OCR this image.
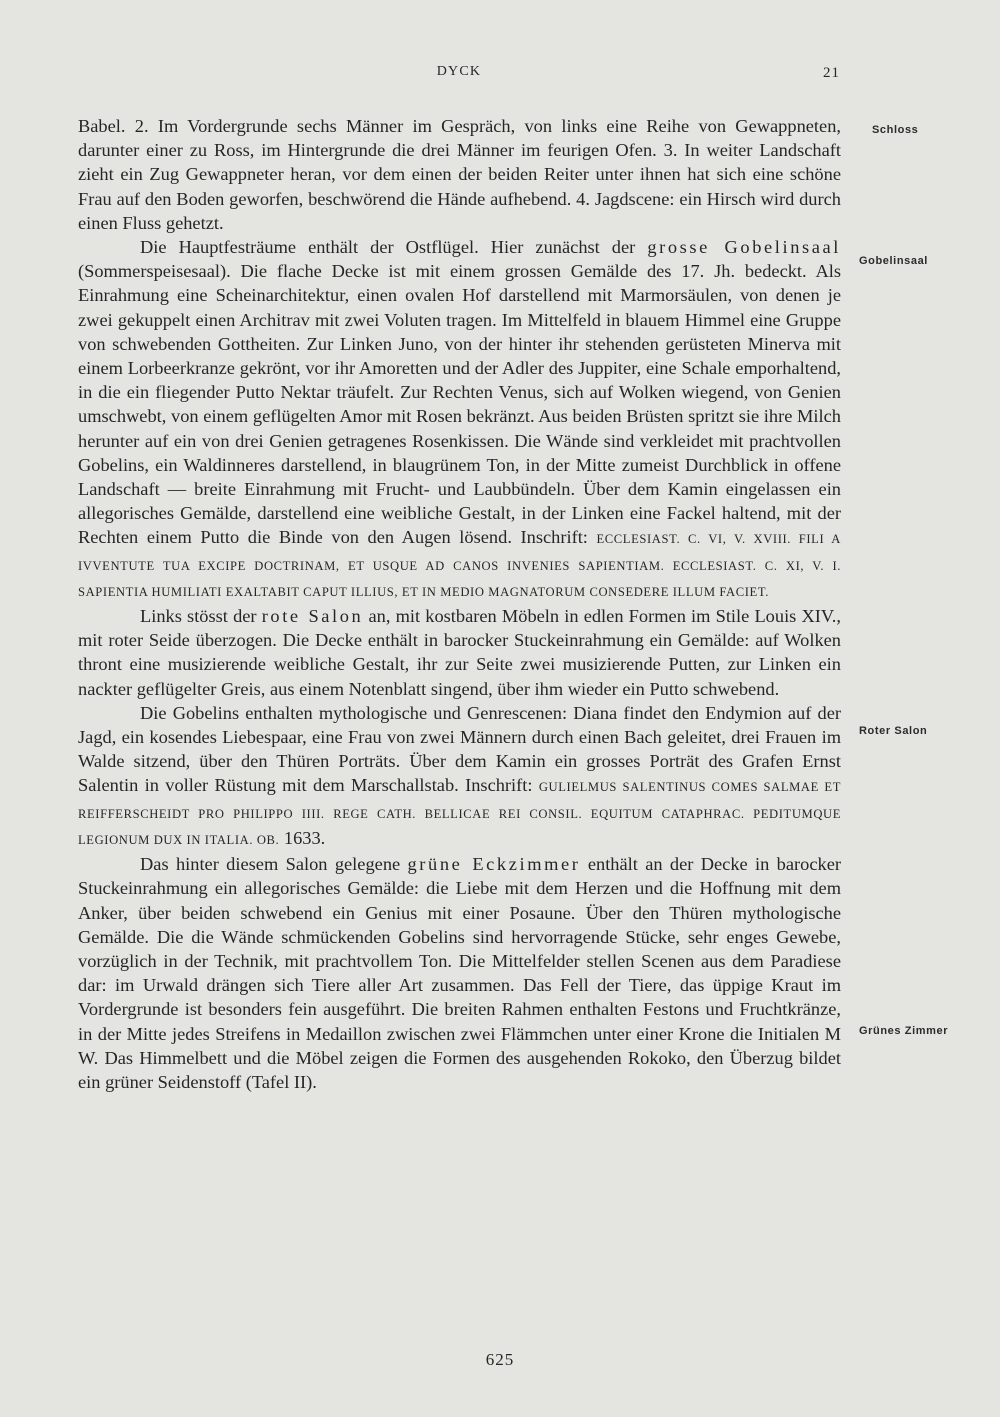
DYCK	21
Schloss
Gobelinsaal
Roter Salon
Grünes Zimmer

Babel. 2. Im Vordergrunde sechs Männer im Gespräch, von links eine Reihe von Gewappneten, darunter einer zu Ross, im Hintergrunde die drei Männer im feurigen Ofen. 3. In weiter Landschaft zieht ein Zug Gewappneter heran, vor dem einen der beiden Reiter unter ihnen hat sich eine schöne Frau auf den Boden geworfen, beschwörend die Hände aufhebend. 4. Jagdscene: ein Hirsch wird durch einen Fluss gehetzt.

Die Hauptfesträume enthält der Ostflügel. Hier zunächst der grosse Gobelinsaal (Sommerspeisesaal). Die flache Decke ist mit einem grossen Gemälde des 17. Jh. bedeckt. Als Einrahmung eine Scheinarchitektur, einen ovalen Hof darstellend mit Marmorsäulen, von denen je zwei gekuppelt einen Architrav mit zwei Voluten tragen. Im Mittelfeld in blauem Himmel eine Gruppe von schwebenden Gottheiten. Zur Linken Juno, von der hinter ihr stehenden gerüsteten Minerva mit einem Lorbeerkranze gekrönt, vor ihr Amoretten und der Adler des Juppiter, eine Schale emporhaltend, in die ein fliegender Putto Nektar träufelt. Zur Rechten Venus, sich auf Wolken wiegend, von Genien umschwebt, von einem geflügelten Amor mit Rosen bekränzt. Aus beiden Brüsten spritzt sie ihre Milch herunter auf ein von drei Genien getragenes Rosenkissen. Die Wände sind verkleidet mit prachtvollen Gobelins, ein Waldinneres darstellend, in blaugrünem Ton, in der Mitte zumeist Durchblick in offene Landschaft — breite Einrahmung mit Frucht- und Laubbündeln. Über dem Kamin eingelassen ein allegorisches Gemälde, darstellend eine weibliche Gestalt, in der Linken eine Fackel haltend, mit der Rechten einem Putto die Binde von den Augen lösend. Inschrift: ECCLESIAST. C. VI, V. XVIII. FILI A IVVENTUTE TUA EXCIPE DOCTRINAM, ET USQUE AD CANOS INVENIES SAPIENTIAM. ECCLESIAST. C. XI, V. I. SAPIENTIA HUMILIATI EXALTABIT CAPUT ILLIUS, ET IN MEDIO MAGNATORUM CONSEDERE ILLUM FACIET.

Links stösst der rote Salon an, mit kostbaren Möbeln in edlen Formen im Stile Louis XIV., mit roter Seide überzogen. Die Decke enthält in barocker Stuckeinrahmung ein Gemälde: auf Wolken thront eine musizierende weibliche Gestalt, ihr zur Seite zwei musizierende Putten, zur Linken ein nackter geflügelter Greis, aus einem Notenblatt singend, über ihm wieder ein Putto schwebend.

Die Gobelins enthalten mythologische und Genrescenen: Diana findet den Endymion auf der Jagd, ein kosendes Liebespaar, eine Frau von zwei Männern durch einen Bach geleitet, drei Frauen im Walde sitzend, über den Thüren Porträts. Über dem Kamin ein grosses Porträt des Grafen Ernst Salentin in voller Rüstung mit dem Marschallstab. Inschrift: GULIELMUS SALENTINUS COMES SALMAE ET REIFFERSCHEIDT PRO PHILIPPO IIII. REGE CATH. BELLICAE REI CONSIL. EQUITUM CATAPHRAC. PEDITUMQUE LEGIONUM DUX IN ITALIA. OB. 1633.

Das hinter diesem Salon gelegene grüne Eckzimmer enthält an der Decke in barocker Stuckeinrahmung ein allegorisches Gemälde: die Liebe mit dem Herzen und die Hoffnung mit dem Anker, über beiden schwebend ein Genius mit einer Posaune. Über den Thüren mythologische Gemälde. Die die Wände schmückenden Gobelins sind hervorragende Stücke, sehr enges Gewebe, vorzüglich in der Technik, mit prachtvollem Ton. Die Mittelfelder stellen Scenen aus dem Paradiese dar: im Urwald drängen sich Tiere aller Art zusammen. Das Fell der Tiere, das üppige Kraut im Vordergrunde ist besonders fein ausgeführt. Die breiten Rahmen enthalten Festons und Fruchtkränze, in der Mitte jedes Streifens in Medaillon zwischen zwei Flämmchen unter einer Krone die Initialen M W. Das Himmelbett und die Möbel zeigen die Formen des ausgehenden Rokoko, den Überzug bildet ein grüner Seidenstoff (Tafel II).

625
